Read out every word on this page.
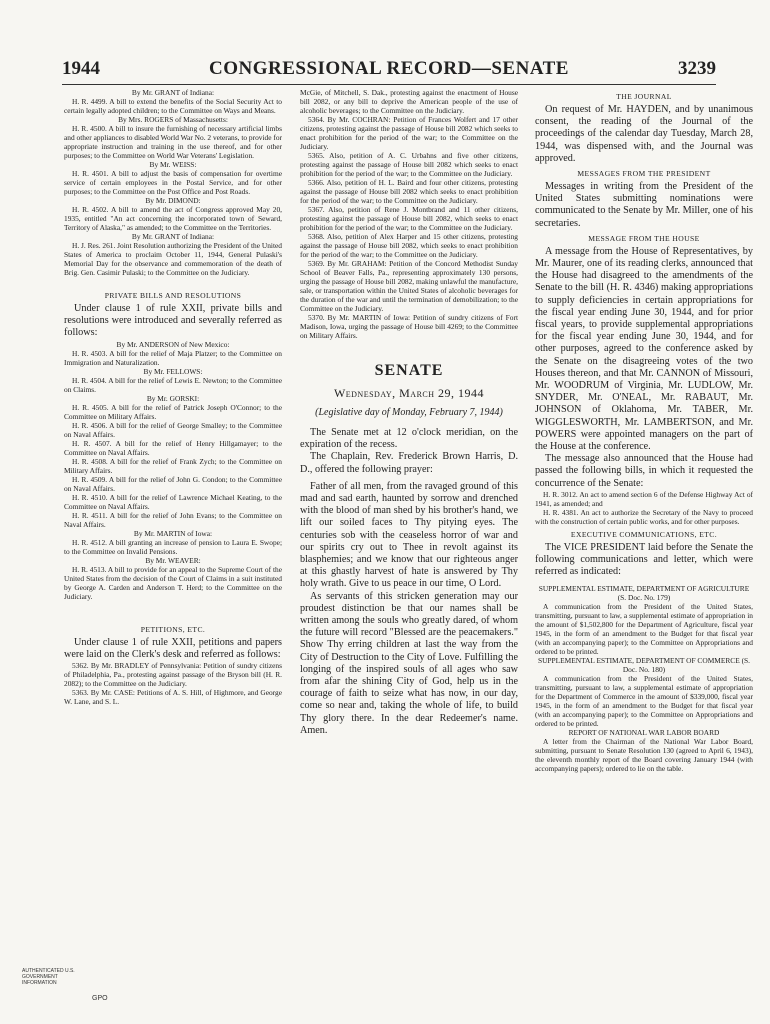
1944	CONGRESSIONAL RECORD—SENATE	3239

By Mr. GRANT of Indiana:

H. R. 4499. A bill to extend the benefits of the Social Security Act to certain legally adopted children; to the Committee on Ways and Means.

By Mrs. ROGERS of Massachusetts:

H. R. 4500. A bill to insure the furnishing of necessary artificial limbs and other appliances to disabled World War No. 2 veterans, to provide for appropriate instruction and training in the use thereof, and for other purposes; to the Committee on World War Veterans' Legislation.

By Mr. WEISS:

H. R. 4501. A bill to adjust the basis of compensation for overtime service of certain employees in the Postal Service, and for other purposes; to the Committee on the Post Office and Post Roads.

By Mr. DIMOND:

H. R. 4502. A bill to amend the act of Congress approved May 20, 1935, entitled "An act concerning the incorporated town of Seward, Territory of Alaska," as amended; to the Committee on the Territories.

By Mr. GRANT of Indiana:

H. J. Res. 261. Joint Resolution authorizing the President of the United States of America to proclaim October 11, 1944, General Pulaski's Memorial Day for the observance and commemoration of the death of Brig. Gen. Casimir Pulaski; to the Committee on the Judiciary.

PRIVATE BILLS AND RESOLUTIONS

Under clause 1 of rule XXII, private bills and resolutions were introduced and severally referred as follows:

By Mr. ANDERSON of New Mexico:

H. R. 4503. A bill for the relief of Maja Platzer; to the Committee on Immigration and Naturalization.

By Mr. FELLOWS:

H. R. 4504. A bill for the relief of Lewis E. Newton; to the Committee on Claims.

By Mr. GORSKI:

H. R. 4505. A bill for the relief of Patrick Joseph O'Connor; to the Committee on Military Affairs.

H. R. 4506. A bill for the relief of George Smalley; to the Committee on Naval Affairs.

H. R. 4507. A bill for the relief of Henry Hillgamayer; to the Committee on Naval Affairs.

H. R. 4508. A bill for the relief of Frank Zych; to the Committee on Military Affairs.

H. R. 4509. A bill for the relief of John G. Condon; to the Committee on Naval Affairs.

H. R. 4510. A bill for the relief of Lawrence Michael Keating, to the Committee on Naval Affairs.

H. R. 4511. A bill for the relief of John Evans; to the Committee on Naval Affairs.

By Mr. MARTIN of Iowa:

H. R. 4512. A bill granting an increase of pension to Laura E. Swope; to the Committee on Invalid Pensions.

By Mr. WEAVER:

H. R. 4513. A bill to provide for an appeal to the Supreme Court of the United States from the decision of the Court of Claims in a suit instituted by George A. Carden and Anderson T. Herd; to the Committee on the Judiciary.

PETITIONS, ETC.

Under clause 1 of rule XXII, petitions and papers were laid on the Clerk's desk and referred as follows:

5362. By Mr. BRADLEY of Pennsylvania: Petition of sundry citizens of Philadelphia, Pa., protesting against passage of the Bryson bill (H. R. 2082); to the Committee on the Judiciary.

5363. By Mr. CASE: Petitions of A. S. Hill, of Highmore, and George W. Lane, and S. L.

McGie, of Mitchell, S. Dak., protesting against the enactment of House bill 2082, or any bill to deprive the American people of the use of alcoholic beverages; to the Committee on the Judiciary.

5364. By Mr. COCHRAN: Petition of Frances Wolfert and 17 other citizens, protesting against the passage of House bill 2082 which seeks to enact prohibition for the period of the war; to the Committee on the Judiciary.

5365. Also, petition of A. C. Urbahns and five other citizens, protesting against the passage of House bill 2082 which seeks to enact prohibition for the period of the war; to the Committee on the Judiciary.

5366. Also, petition of H. L. Baird and four other citizens, protesting against the passage of House bill 2082 which seeks to enact prohibition for the period of the war; to the Committee on the Judiciary.

5367. Also, petition of Rene J. Montbrand and 11 other citizens, protesting against the passage of House bill 2082, which seeks to enact prohibition for the period of the war; to the Committee on the Judiciary.

5368. Also, petition of Alex Harper and 15 other citizens, protesting against the passage of House bill 2082, which seeks to enact prohibition for the period of the war; to the Committee on the Judiciary.

5369. By Mr. GRAHAM: Petition of the Concord Methodist Sunday School of Beaver Falls, Pa., representing approximately 130 persons, urging the passage of House bill 2082, making unlawful the manufacture, sale, or transportation within the United States of alcoholic beverages for the duration of the war and until the termination of demobilization; to the Committee on the Judiciary.

5370. By Mr. MARTIN of Iowa: Petition of sundry citizens of Fort Madison, Iowa, urging the passage of House bill 4269; to the Committee on Military Affairs.

SENATE

Wednesday, March 29, 1944

(Legislative day of Monday, February 7, 1944)

The Senate met at 12 o'clock meridian, on the expiration of the recess.

The Chaplain, Rev. Frederick Brown Harris, D. D., offered the following prayer:

Father of all men, from the ravaged ground of this mad and sad earth, haunted by sorrow and drenched with the blood of man shed by his brother's hand, we lift our soiled faces to Thy pitying eyes. The centuries sob with the ceaseless horror of war and our spirits cry out to Thee in revolt against its blasphemies; and we know that our righteous anger at this ghastly harvest of hate is answered by Thy holy wrath. Give to us peace in our time, O Lord.

As servants of this stricken generation may our proudest distinction be that our names shall be written among the souls who greatly dared, of whom the future will record "Blessed are the peacemakers." Show Thy erring children at last the way from the City of Destruction to the City of Love. Fulfilling the longing of the inspired souls of all ages who saw from afar the shining City of God, help us in the courage of faith to seize what has now, in our day, come so near and, taking the whole of life, to build Thy glory there. In the dear Redeemer's name. Amen.

THE JOURNAL

On request of Mr. HAYDEN, and by unanimous consent, the reading of the Journal of the proceedings of the calendar day Tuesday, March 28, 1944, was dispensed with, and the Journal was approved.

MESSAGES FROM THE PRESIDENT

Messages in writing from the President of the United States submitting nominations were communicated to the Senate by Mr. Miller, one of his secretaries.

MESSAGE FROM THE HOUSE

A message from the House of Representatives, by Mr. Maurer, one of its reading clerks, announced that the House had disagreed to the amendments of the Senate to the bill (H. R. 4346) making appropriations to supply deficiencies in certain appropriations for the fiscal year ending June 30, 1944, and for prior fiscal years, to provide supplemental appropriations for the fiscal year ending June 30, 1944, and for other purposes, agreed to the conference asked by the Senate on the disagreeing votes of the two Houses thereon, and that Mr. CANNON of Missouri, Mr. WOODRUM of Virginia, Mr. LUDLOW, Mr. SNYDER, Mr. O'NEAL, Mr. RABAUT, Mr. JOHNSON of Oklahoma, Mr. TABER, Mr. WIGGLESWORTH, Mr. LAMBERTSON, and Mr. POWERS were appointed managers on the part of the House at the conference.

The message also announced that the House had passed the following bills, in which it requested the concurrence of the Senate:

H. R. 3012. An act to amend section 6 of the Defense Highway Act of 1941, as amended; and

H. R. 4381. An act to authorize the Secretary of the Navy to proceed with the construction of certain public works, and for other purposes.

EXECUTIVE COMMUNICATIONS, ETC.

The VICE PRESIDENT laid before the Senate the following communications and letter, which were referred as indicated:

SUPPLEMENTAL ESTIMATE, DEPARTMENT OF AGRICULTURE (S. Doc. No. 179)

A communication from the President of the United States, transmitting, pursuant to law, a supplemental estimate of appropriation in the amount of $1,502,800 for the Department of Agriculture, fiscal year 1945, in the form of an amendment to the Budget for that fiscal year (with an accompanying paper); to the Committee on Appropriations and ordered to be printed.

SUPPLEMENTAL ESTIMATE, DEPARTMENT OF COMMERCE (S. Doc. No. 180)

A communication from the President of the United States, transmitting, pursuant to law, a supplemental estimate of appropriation for the Department of Commerce in the amount of $339,000, fiscal year 1945, in the form of an amendment to the Budget for that fiscal year (with an accompanying paper); to the Committee on Appropriations and ordered to be printed.

REPORT OF NATIONAL WAR LABOR BOARD

A letter from the Chairman of the National War Labor Board, submitting, pursuant to Senate Resolution 130 (agreed to April 6, 1943), the eleventh monthly report of the Board covering January 1944 (with accompanying papers); ordered to lie on the table.

AUTHENTICATED U.S. GOVERNMENT INFORMATION
GPO
